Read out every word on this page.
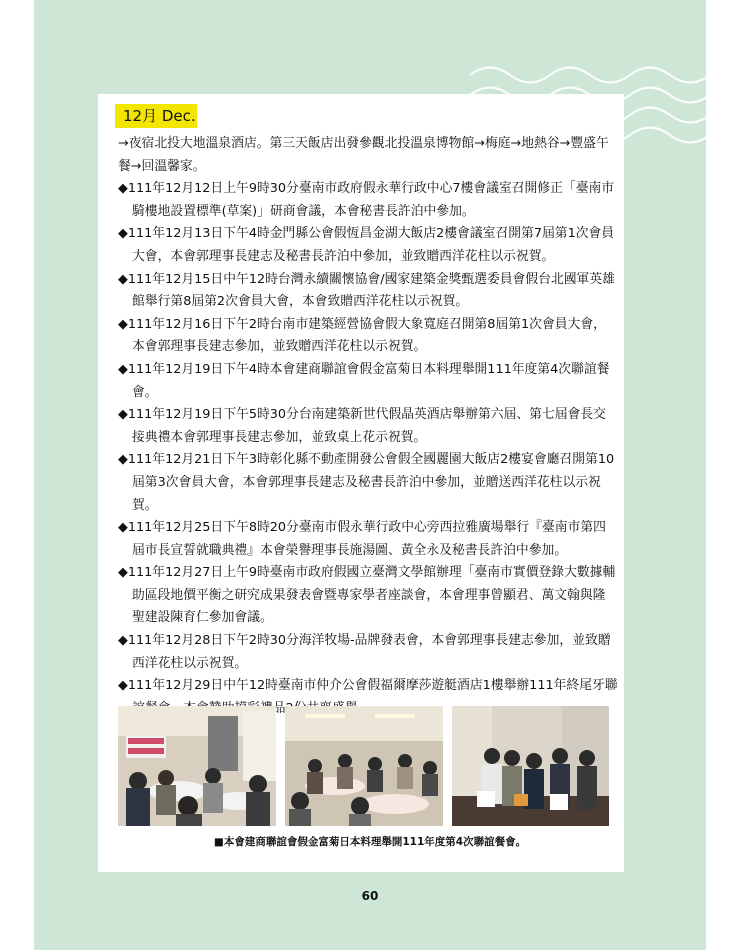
12月 Dec.

→夜宿北投大地溫泉酒店。第三天飯店出發參觀北投溫泉博物館→梅庭→地熱谷→豐盛午餐→回溫馨家。

◆111年12月12日上午9時30分臺南市政府假永華行政中心7樓會議室召開修正「臺南市騎樓地設置標準(草案)」研商會議，本會秘書長許泊中參加。

◆111年12月13日下午4時金門縣公會假恆昌金湖大飯店2樓會議室召開第7屆第1次會員大會，本會郭理事長建志及秘書長許泊中參加，並致贈西洋花柱以示祝賀。

◆111年12月15日中午12時台灣永續關懷協會/國家建築金獎甄選委員會假台北國軍英雄館舉行第8屆第2次會員大會，本會致贈西洋花柱以示祝賀。

◆111年12月16日下午2時台南市建築經營協會假大象寬庭召開第8屆第1次會員大會，本會郭理事長建志參加，並致贈西洋花柱以示祝賀。

◆111年12月19日下午4時本會建商聯誼會假金富菊日本料理舉開111年度第4次聯誼餐會。

◆111年12月19日下午5時30分台南建築新世代假晶英酒店舉辦第六屆、第七屆會長交接典禮本會郭理事長建志參加，並致桌上花示祝賀。

◆111年12月21日下午3時彰化縣不動產開發公會假全國麗園大飯店2樓宴會廳召開第10屆第3次會員大會，本會郭理事長建志及秘書長許泊中參加，並贈送西洋花柱以示祝賀。

◆111年12月25日下午8時20分臺南市假永華行政中心旁西拉雅廣場舉行『臺南市第四屆市長宣誓就職典禮』本會榮譽理事長施湯圖、黃全永及秘書長許泊中參加。

◆111年12月27日上午9時臺南市政府假國立臺灣文學館辦理「臺南市實價登錄大數據輔助區段地價平衡之研究成果發表會暨專家學者座談會，本會理事曾顯君、萬文翰與隆聖建設陳育仁參加會議。

◆111年12月28日下午2時30分海洋牧場-品牌發表會，本會郭理事長建志參加，並致贈西洋花柱以示祝賀。

◆111年12月29日中午12時臺南市仲介公會假福爾摩莎遊艇酒店1樓舉辦111年終尾牙聯 品2

■本會建商聯誼會假金富菊日本料理舉開111年度第4次聯誼餐會。
60
